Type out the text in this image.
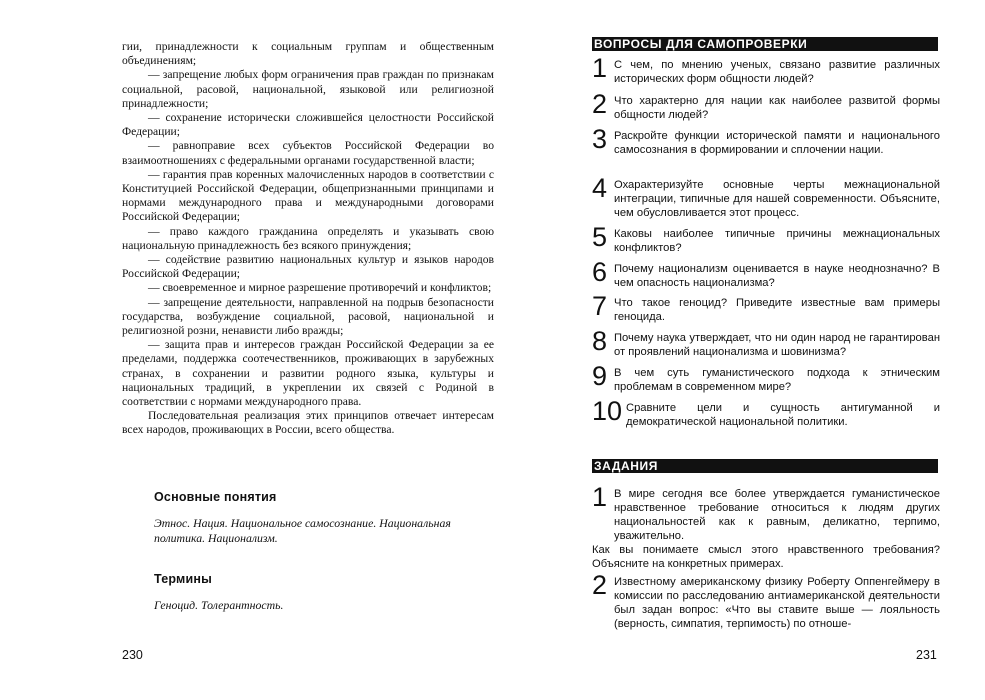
гии, принадлежности к социальным группам и общественным объединениям;

— запрещение любых форм ограничения прав граждан по признакам социальной, расовой, национальной, языковой или религиозной принадлежности;

— сохранение исторически сложившейся целостности Российской Федерации;

— равноправие всех субъектов Российской Федерации во взаимоотношениях с федеральными органами государственной власти;

— гарантия прав коренных малочисленных народов в соответствии с Конституцией Российской Федерации, общепризнанными принципами и нормами международного права и международными договорами Российской Федерации;

— право каждого гражданина определять и указывать свою национальную принадлежность без всякого принуждения;

— содействие развитию национальных культур и языков народов Российской Федерации;

— своевременное и мирное разрешение противоречий и конфликтов;

— запрещение деятельности, направленной на подрыв безопасности государства, возбуждение социальной, расовой, национальной и религиозной розни, ненависти либо вражды;

— защита прав и интересов граждан Российской Федерации за ее пределами, поддержка соотечественников, проживающих в зарубежных странах, в сохранении и развитии родного языка, культуры и национальных традиций, в укреплении их связей с Родиной в соответствии с нормами международного права.

Последовательная реализация этих принципов отвечает интересам всех народов, проживающих в России, всего общества.

Основные понятия
Этнос. Нация. Национальное самосознание. Национальная политика. Национализм.
Термины
Геноцид. Толерантность.
230
ВОПРОСЫ ДЛЯ САМОПРОВЕРКИ
1 С чем, по мнению ученых, связано развитие различных исторических форм общности людей?
2 Что характерно для нации как наиболее развитой формы общности людей?
3 Раскройте функции исторической памяти и национального самосознания в формировании и сплочении нации.
4 Охарактеризуйте основные черты межнациональной интеграции, типичные для нашей современности. Объясните, чем обусловливается этот процесс.
5 Каковы наиболее типичные причины межнациональных конфликтов?
6 Почему национализм оценивается в науке неоднозначно? В чем опасность национализма?
7 Что такое геноцид? Приведите известные вам примеры геноцида.
8 Почему наука утверждает, что ни один народ не гарантирован от проявлений национализма и шовинизма?
9 В чем суть гуманистического подхода к этническим проблемам в современном мире?
10 Сравните цели и сущность антигуманной и демократической национальной политики.
ЗАДАНИЯ
1 В мире сегодня все более утверждается гуманистическое нравственное требование относиться к людям других национальностей как к равным, деликатно, терпимо, уважительно.
Как вы понимаете смысл этого нравственного требования? Объясните на конкретных примерах.
2 Известному американскому физику Роберту Оппенгеймеру в комиссии по расследованию антиамериканской деятельности был задан вопрос: «Что вы ставите выше — лояльность (верность, симпатия, терпимость) по отноше-
231
